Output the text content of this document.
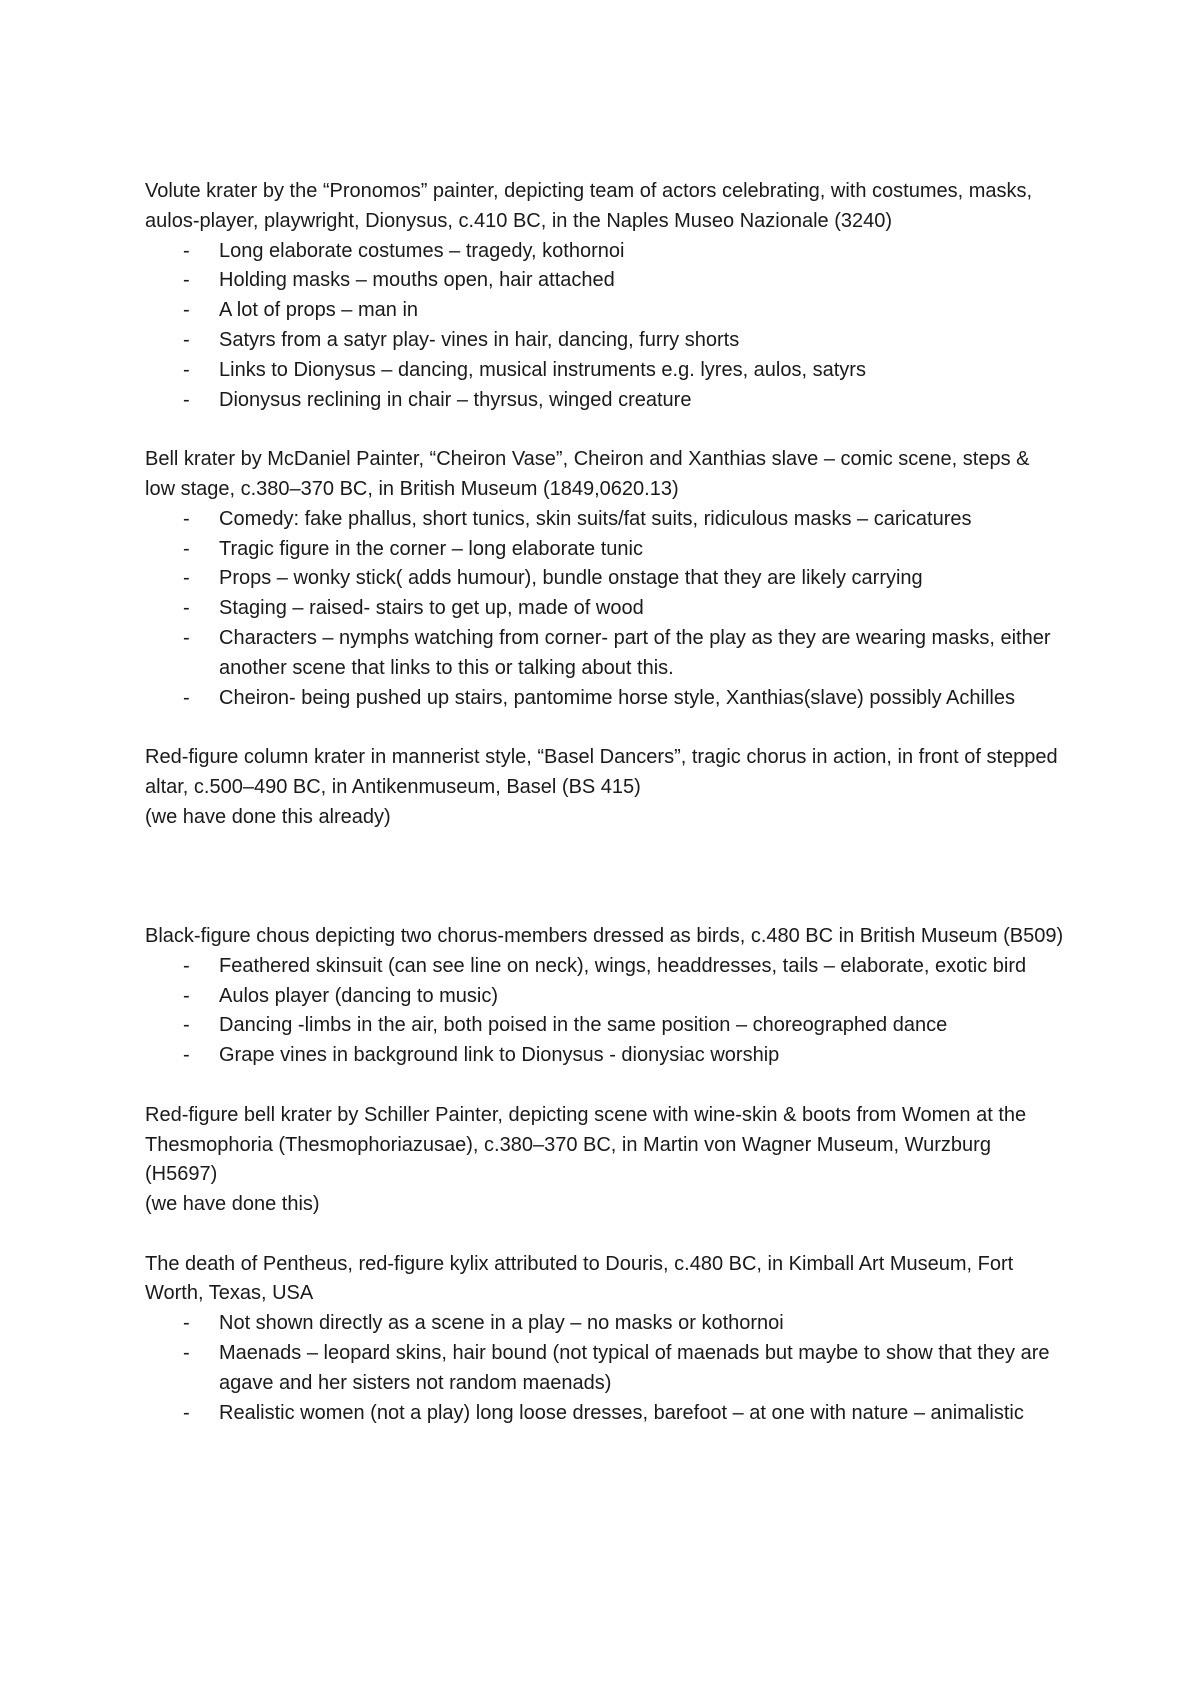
Volute krater by the “Pronomos” painter, depicting team of actors celebrating, with costumes, masks, aulos-player, playwright, Dionysus, c.410 BC, in the Naples Museo Nazionale (3240)

- Long elaborate costumes – tragedy, kothornoi
- Holding masks – mouths open, hair attached
- A lot of props – man in
- Satyrs from a satyr play- vines in hair, dancing, furry shorts
- Links to Dionysus – dancing, musical instruments e.g. lyres, aulos, satyrs
- Dionysus reclining in chair – thyrsus, winged creature

Bell krater by McDaniel Painter, “Cheiron Vase”, Cheiron and Xanthias slave – comic scene, steps & low stage, c.380–370 BC, in British Museum (1849,0620.13)

- Comedy: fake phallus, short tunics, skin suits/fat suits, ridiculous masks – caricatures
- Tragic figure in the corner – long elaborate tunic
- Props – wonky stick( adds humour), bundle onstage that they are likely carrying
- Staging – raised- stairs to get up, made of wood
- Characters – nymphs watching from corner- part of the play as they are wearing masks, either another scene that links to this or talking about this.
- Cheiron- being pushed up stairs, pantomime horse style, Xanthias(slave) possibly Achilles

Red-figure column krater in mannerist style, “Basel Dancers”, tragic chorus in action, in front of stepped altar, c.500–490 BC, in Antikenmuseum, Basel (BS 415)

(we have done this already)

Black-figure chous depicting two chorus-members dressed as birds, c.480 BC in British Museum (B509)

- Feathered skinsuit (can see line on neck), wings, headdresses, tails – elaborate, exotic bird
- Aulos player (dancing to music)
- Dancing -limbs in the air, both poised in the same position – choreographed dance
- Grape vines in background link to Dionysus - dionysiac worship

Red-figure bell krater by Schiller Painter, depicting scene with wine-skin & boots from Women at the Thesmophoria (Thesmophoriazusae), c.380–370 BC, in Martin von Wagner Museum, Wurzburg (H5697)

(we have done this)

The death of Pentheus, red-figure kylix attributed to Douris, c.480 BC, in Kimball Art Museum, Fort Worth, Texas, USA

- Not shown directly as a scene in a play – no masks or kothornoi
- Maenads – leopard skins, hair bound (not typical of maenads but maybe to show that they are agave and her sisters not random maenads)
- Realistic women (not a play) long loose dresses, barefoot – at one with nature – animalistic
